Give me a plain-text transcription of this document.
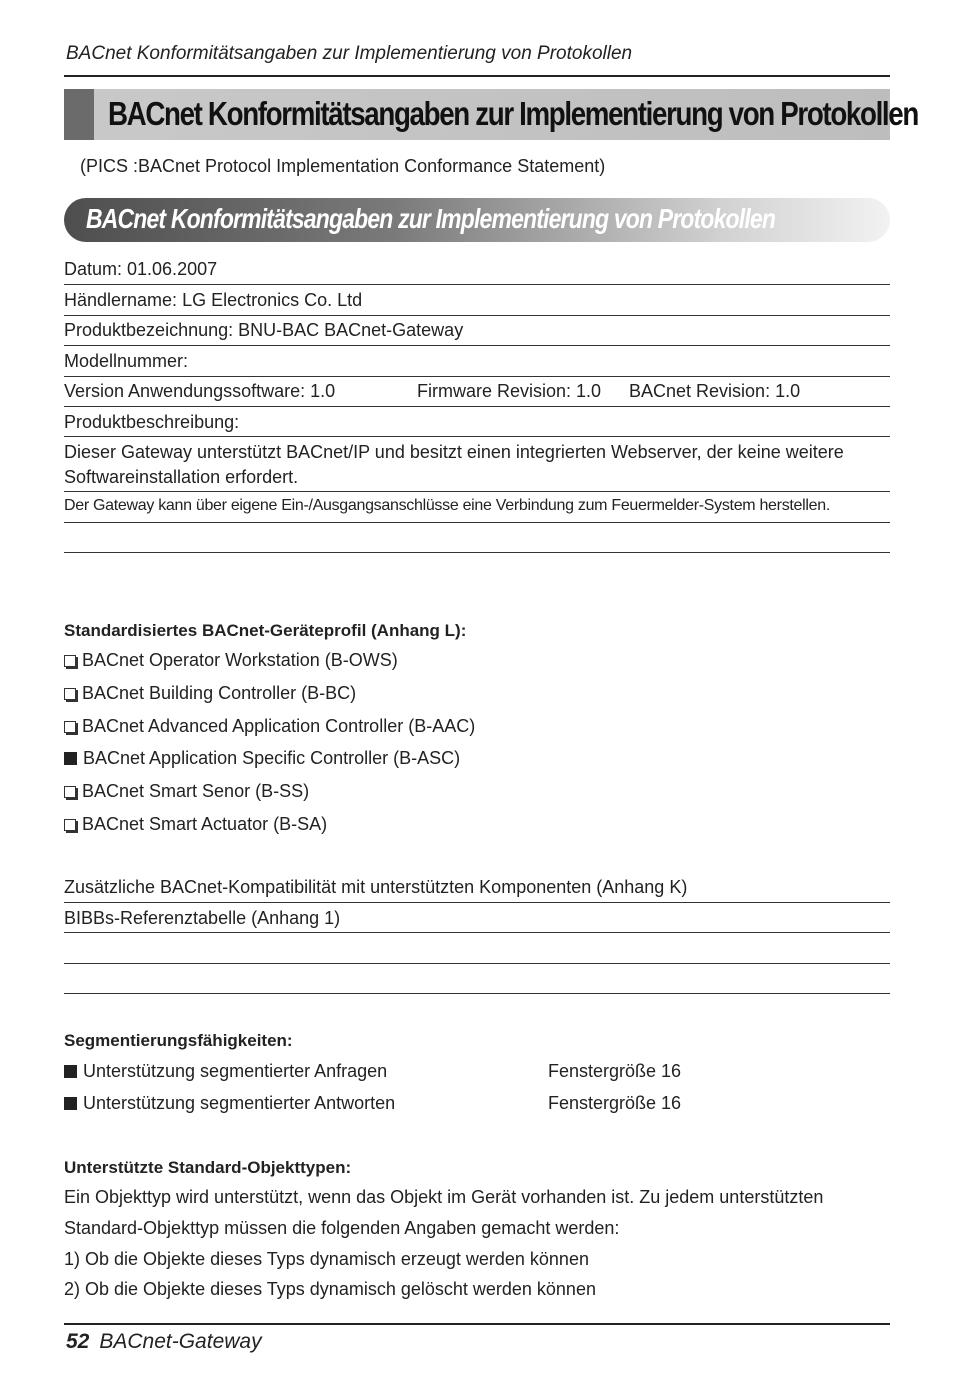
BACnet Konformitätsangaben zur Implementierung von Protokollen
BACnet Konformitätsangaben zur Implementierung von Protokollen
(PICS :BACnet Protocol Implementation Conformance Statement)
BACnet Konformitätsangaben zur Implementierung von Protokollen
Datum: 01.06.2007
Händlername: LG Electronics Co. Ltd
Produktbezeichnung: BNU-BAC BACnet-Gateway
Modellnummer:
Version Anwendungssoftware: 1.0	Firmware Revision: 1.0 BACnet Revision: 1.0
Produktbeschreibung:
Dieser Gateway unterstützt BACnet/IP und besitzt einen integrierten Webserver, der keine weitere
Softwareinstallation erfordert.
Der Gateway kann über eigene Ein-/Ausgangsanschlüsse eine Verbindung zum Feuermelder-System herstellen.
Standardisiertes BACnet-Geräteprofil (Anhang L):
BACnet Operator Workstation (B-OWS)
BACnet Building Controller (B-BC)
BACnet Advanced Application Controller (B-AAC)
BACnet Application Specific Controller (B-ASC)
BACnet Smart Senor (B-SS)
BACnet Smart Actuator (B-SA)
Zusätzliche BACnet-Kompatibilität mit unterstützten Komponenten (Anhang K)
BIBBs-Referenztabelle (Anhang 1)
Segmentierungsfähigkeiten:
Unterstützung segmentierter Anfragen	Fenstergröße 16
Unterstützung segmentierter Antworten	Fenstergröße 16
Unterstützte Standard-Objekttypen:
Ein Objekttyp wird unterstützt, wenn das Objekt im Gerät vorhanden ist. Zu jedem unterstützten
Standard-Objekttyp müssen die folgenden Angaben gemacht werden:
1) Ob die Objekte dieses Typs dynamisch erzeugt werden können
2) Ob die Objekte dieses Typs dynamisch gelöscht werden können
52 BACnet-Gateway
